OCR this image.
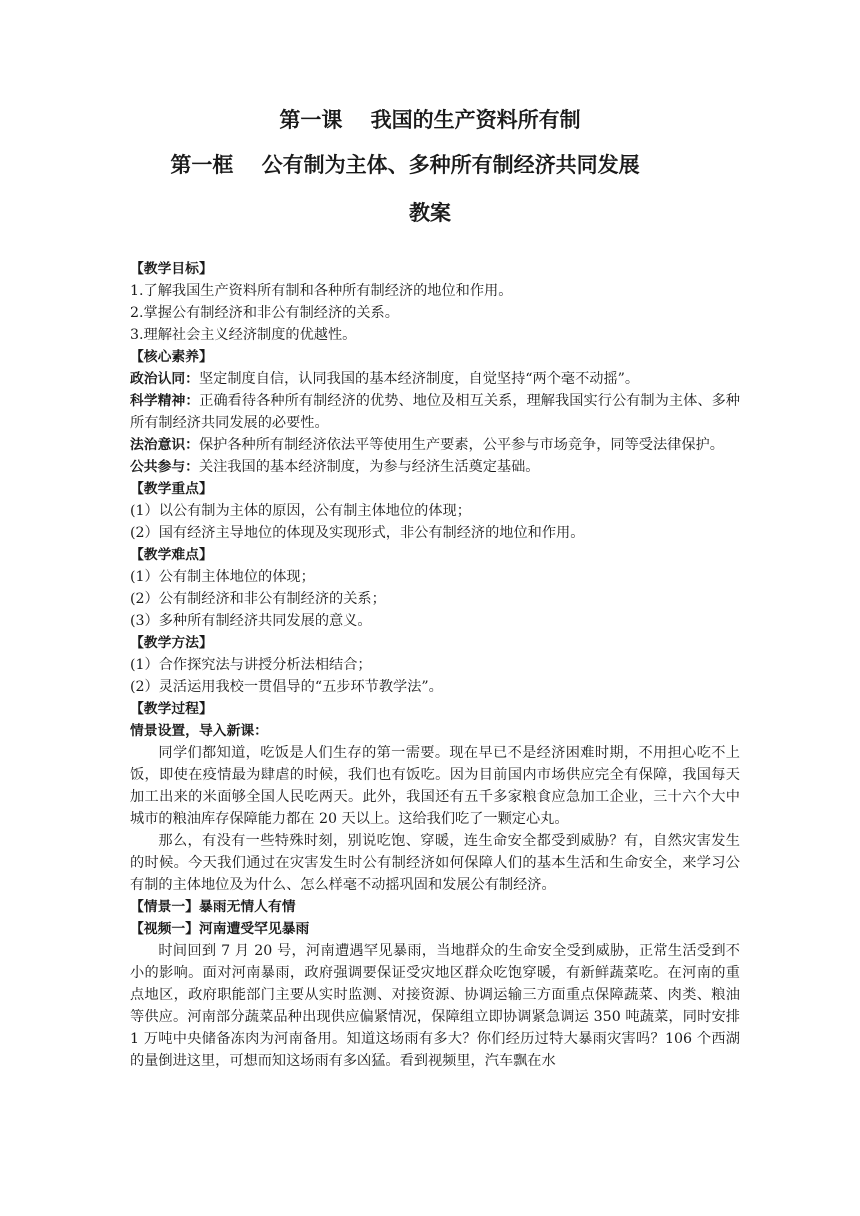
第一课　 我国的生产资料所有制
第一框　 公有制为主体、多种所有制经济共同发展
教案
【教学目标】
1.了解我国生产资料所有制和各种所有制经济的地位和作用。
2.掌握公有制经济和非公有制经济的关系。
3.理解社会主义经济制度的优越性。
【核心素养】
政治认同：坚定制度自信，认同我国的基本经济制度，自觉坚持“两个毫不动摇”。
科学精神：正确看待各种所有制经济的优势、地位及相互关系，理解我国实行公有制为主体、多种所有制经济共同发展的必要性。
法治意识：保护各种所有制经济依法平等使用生产要素，公平参与市场竞争，同等受法律保护。
公共参与：关注我国的基本经济制度，为参与经济生活奠定基础。
【教学重点】
(1）以公有制为主体的原因，公有制主体地位的体现；
(2）国有经济主导地位的体现及实现形式，非公有制经济的地位和作用。
【教学难点】
(1）公有制主体地位的体现；
(2）公有制经济和非公有制经济的关系；
(3）多种所有制经济共同发展的意义。
【教学方法】
(1）合作探究法与讲授分析法相结合；
(2）灵活运用我校一贯倡导的“五步环节教学法”。
【教学过程】
情景设置，导入新课：
同学们都知道，吃饭是人们生存的第一需要。现在早已不是经济困难时期，不用担心吃不上饭，即使在疫情最为肆虐的时候，我们也有饭吃。因为目前国内市场供应完全有保障，我国每天加工出来的米面够全国人民吃两天。此外，我国还有五千多家粮食应急加工企业，三十六个大中城市的粮油库存保障能力都在 20 天以上。这给我们吃了一颗定心丸。
那么，有没有一些特殊时刻，别说吃饱、穿暖，连生命安全都受到威胁？有，自然灾害发生的时候。今天我们通过在灾害发生时公有制经济如何保障人们的基本生活和生命安全，来学习公有制的主体地位及为什么、怎么样毫不动摇巩固和发展公有制经济。
【情景一】暴雨无情人有情
【视频一】河南遭受罕见暴雨
时间回到 7 月 20 号，河南遭遇罕见暴雨，当地群众的生命安全受到威胁，正常生活受到不小的影响。面对河南暴雨，政府强调要保证受灾地区群众吃饱穿暖，有新鲜蔬菜吃。在河南的重点地区，政府职能部门主要从实时监测、对接资源、协调运输三方面重点保障蔬菜、肉类、粮油等供应。河南部分蔬菜品种出现供应偏紧情况，保障组立即协调紧急调运 350 吨蔬菜，同时安排 1 万吨中央储备冻肉为河南备用。知道这场雨有多大？你们经历过特大暴雨灾害吗？106 个西湖的量倒进这里，可想而知这场雨有多凶猛。看到视频里，汽车飘在水
